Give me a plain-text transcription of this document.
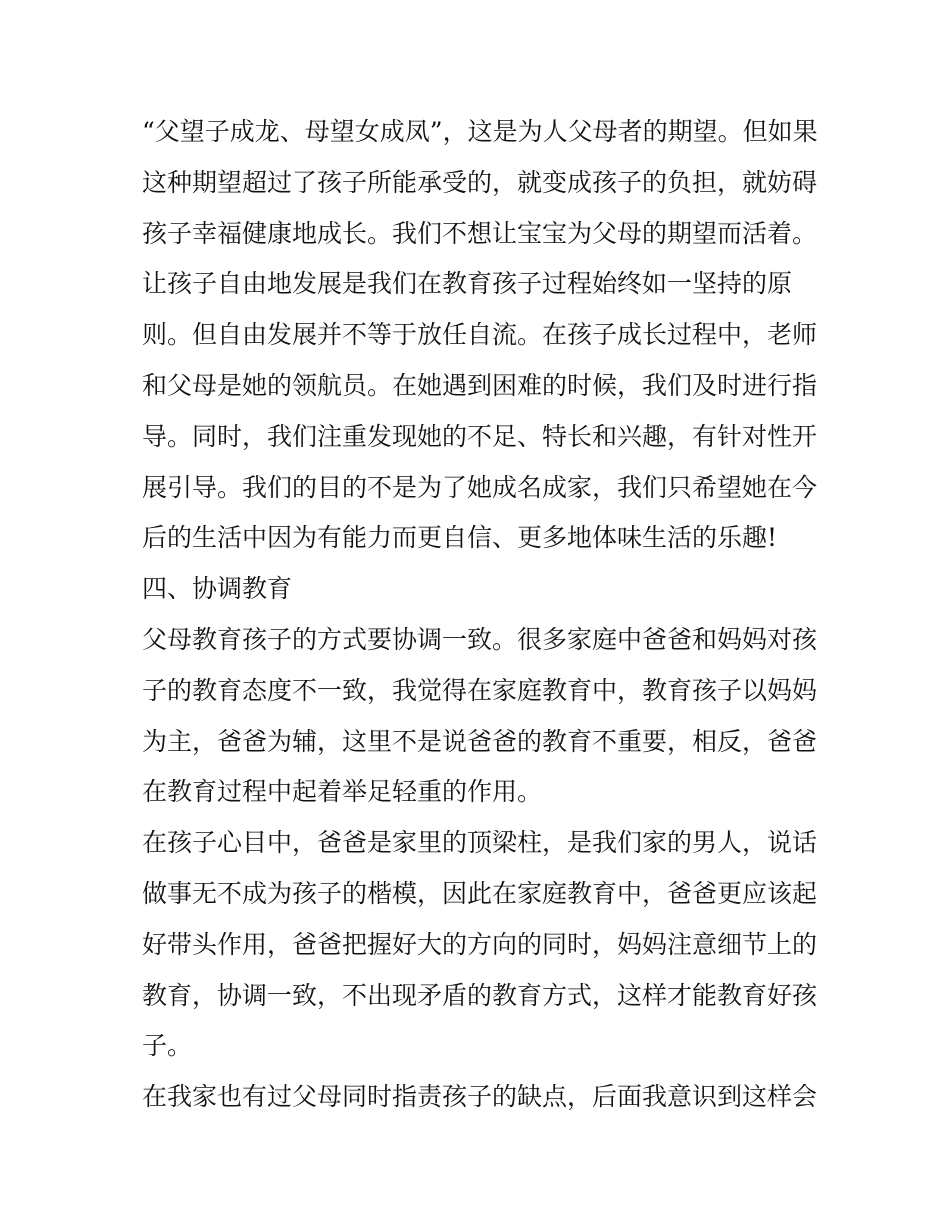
“父望子成龙、母望女成凤”，这是为人父母者的期望。但如果
这种期望超过了孩子所能承受的，就变成孩子的负担，就妨碍
孩子幸福健康地成长。我们不想让宝宝为父母的期望而活着。
让孩子自由地发展是我们在教育孩子过程始终如一坚持的原
则。但自由发展并不等于放任自流。在孩子成长过程中，老师
和父母是她的领航员。在她遇到困难的时候，我们及时进行指
导。同时，我们注重发现她的不足、特长和兴趣，有针对性开
展引导。我们的目的不是为了她成名成家，我们只希望她在今
后的生活中因为有能力而更自信、更多地体味生活的乐趣!
四、协调教育
父母教育孩子的方式要协调一致。很多家庭中爸爸和妈妈对孩
子的教育态度不一致，我觉得在家庭教育中，教育孩子以妈妈
为主，爸爸为辅，这里不是说爸爸的教育不重要，相反，爸爸
在教育过程中起着举足轻重的作用。
在孩子心目中，爸爸是家里的顶梁柱，是我们家的男人，说话
做事无不成为孩子的楷模，因此在家庭教育中，爸爸更应该起
好带头作用，爸爸把握好大的方向的同时，妈妈注意细节上的
教育，协调一致，不出现矛盾的教育方式，这样才能教育好孩
子。
在我家也有过父母同时指责孩子的缺点，后面我意识到这样会
